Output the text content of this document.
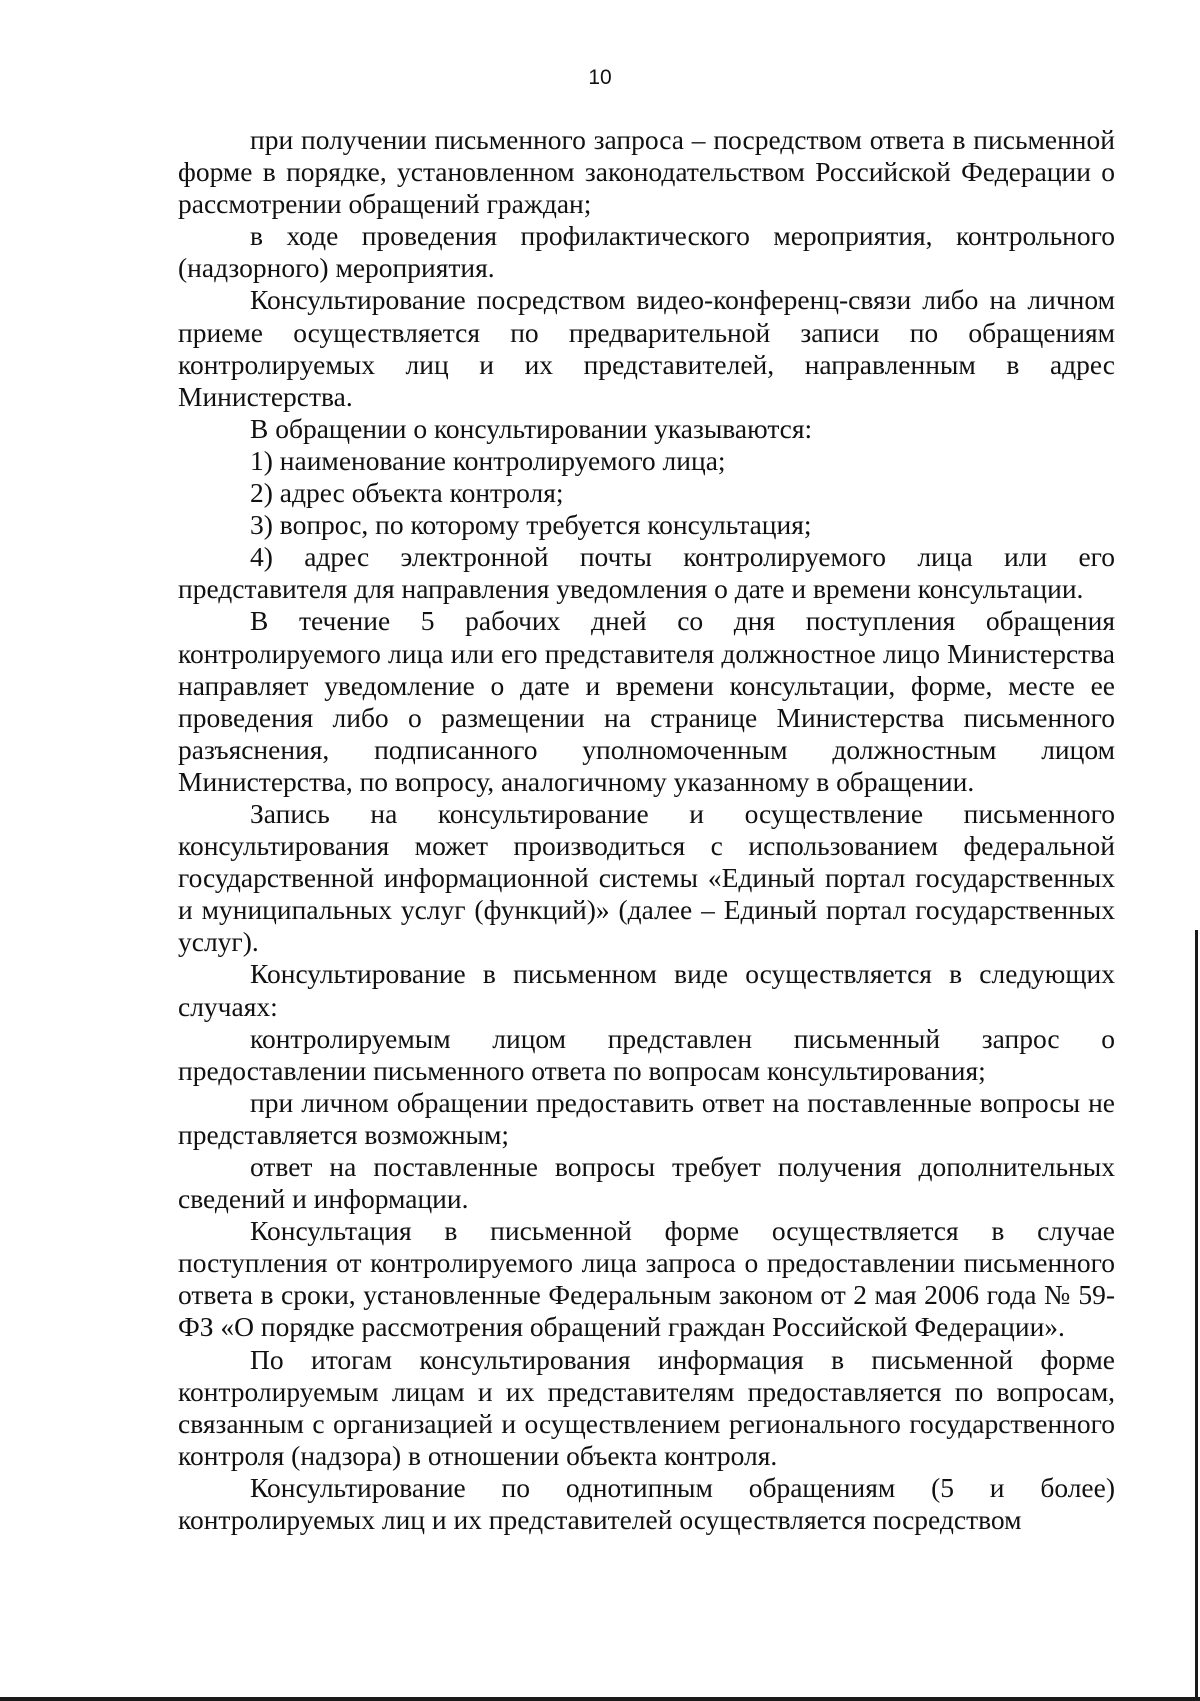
10

при получении письменного запроса – посредством ответа в письменной форме в порядке, установленном законодательством Российской Федерации о рассмотрении обращений граждан;

в ходе проведения профилактического мероприятия, контрольного (надзорного) мероприятия.

Консультирование посредством видео-конференц-связи либо на личном приеме осуществляется по предварительной записи по обращениям контролируемых лиц и их представителей, направленным в адрес Министерства.

В обращении о консультировании указываются:

1) наименование контролируемого лица;

2) адрес объекта контроля;

3) вопрос, по которому требуется консультация;

4) адрес электронной почты контролируемого лица или его представителя для направления уведомления о дате и времени консультации.

В течение 5 рабочих дней со дня поступления обращения контролируемого лица или его представителя должностное лицо Министерства направляет уведомление о дате и времени консультации, форме, месте ее проведения либо о размещении на странице Министерства письменного разъяснения, подписанного уполномоченным должностным лицом Министерства, по вопросу, аналогичному указанному в обращении.

Запись на консультирование и осуществление письменного консультирования может производиться с использованием федеральной государственной информационной системы «Единый портал государственных и муниципальных услуг (функций)» (далее – Единый портал государственных услуг).

Консультирование в письменном виде осуществляется в следующих случаях:

контролируемым лицом представлен письменный запрос о предоставлении письменного ответа по вопросам консультирования;

при личном обращении предоставить ответ на поставленные вопросы не представляется возможным;

ответ на поставленные вопросы требует получения дополнительных сведений и информации.

Консультация в письменной форме осуществляется в случае поступления от контролируемого лица запроса о предоставлении письменного ответа в сроки, установленные Федеральным законом от 2 мая 2006 года № 59-ФЗ «О порядке рассмотрения обращений граждан Российской Федерации».

По итогам консультирования информация в письменной форме контролируемым лицам и их представителям предоставляется по вопросам, связанным с организацией и осуществлением регионального государственного контроля (надзора) в отношении объекта контроля.

Консультирование по однотипным обращениям (5 и более) контролируемых лиц и их представителей осуществляется посредством
